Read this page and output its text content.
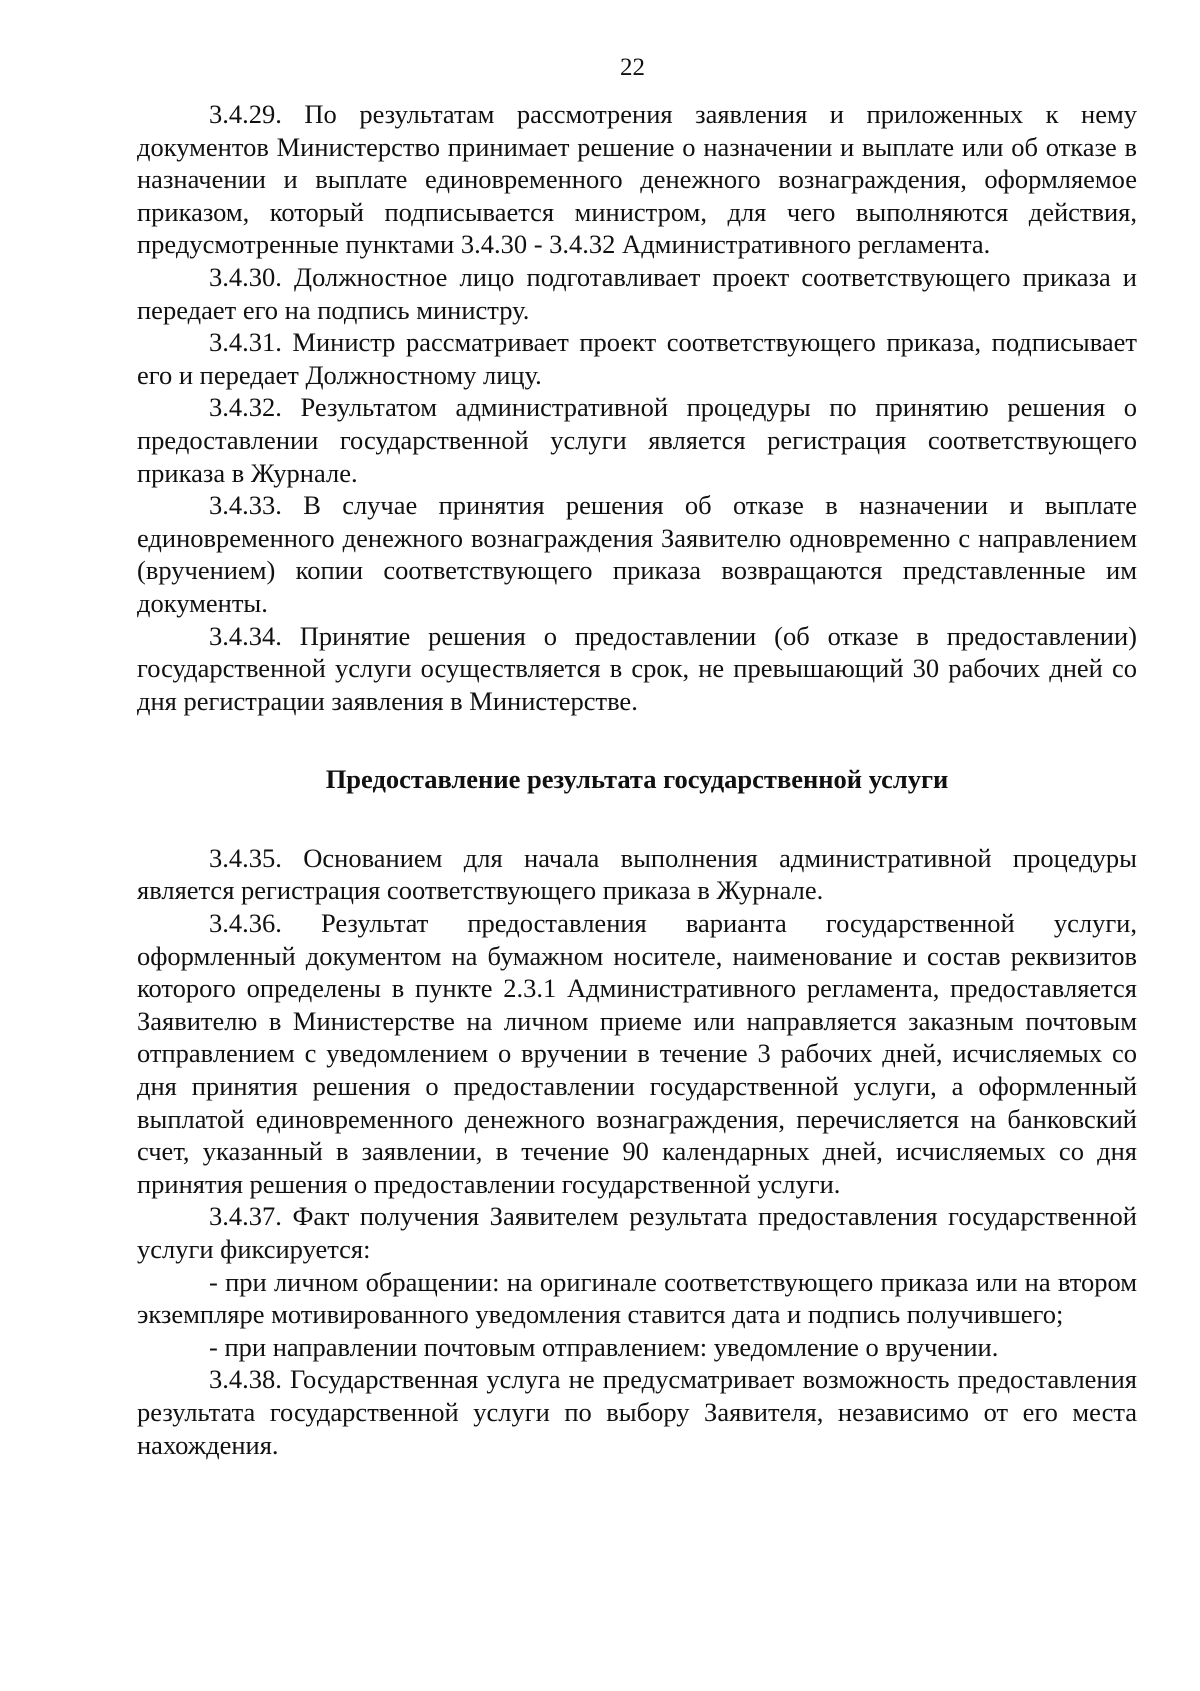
22

3.4.29. По результатам рассмотрения заявления и приложенных к нему документов Министерство принимает решение о назначении и выплате или об отказе в назначении и выплате единовременного денежного вознаграждения, оформляемое приказом, который подписывается министром, для чего выполняются действия, предусмотренные пунктами 3.4.30 - 3.4.32 Административного регламента.

3.4.30. Должностное лицо подготавливает проект соответствующего приказа и передает его на подпись министру.

3.4.31. Министр рассматривает проект соответствующего приказа, подписывает его и передает Должностному лицу.

3.4.32. Результатом административной процедуры по принятию решения о предоставлении государственной услуги является регистрация соответствующего приказа в Журнале.

3.4.33. В случае принятия решения об отказе в назначении и выплате единовременного денежного вознаграждения Заявителю одновременно с направлением (вручением) копии соответствующего приказа возвращаются представленные им документы.

3.4.34. Принятие решения о предоставлении (об отказе в предоставлении) государственной услуги осуществляется в срок, не превышающий 30 рабочих дней со дня регистрации заявления в Министерстве.

Предоставление результата государственной услуги

3.4.35. Основанием для начала выполнения административной процедуры является регистрация соответствующего приказа в Журнале.

3.4.36. Результат предоставления варианта государственной услуги, оформленный документом на бумажном носителе, наименование и состав реквизитов которого определены в пункте 2.3.1 Административного регламента, предоставляется Заявителю в Министерстве на личном приеме или направляется заказным почтовым отправлением с уведомлением о вручении в течение 3 рабочих дней, исчисляемых со дня принятия решения о предоставлении государственной услуги, а оформленный выплатой единовременного денежного вознаграждения, перечисляется на банковский счет, указанный в заявлении, в течение 90 календарных дней, исчисляемых со дня принятия решения о предоставлении государственной услуги.

3.4.37. Факт получения Заявителем результата предоставления государственной услуги фиксируется:

- при личном обращении: на оригинале соответствующего приказа или на втором экземпляре мотивированного уведомления ставится дата и подпись получившего;

- при направлении почтовым отправлением: уведомление о вручении.

3.4.38. Государственная услуга не предусматривает возможность предоставления результата государственной услуги по выбору Заявителя, независимо от его места нахождения.
